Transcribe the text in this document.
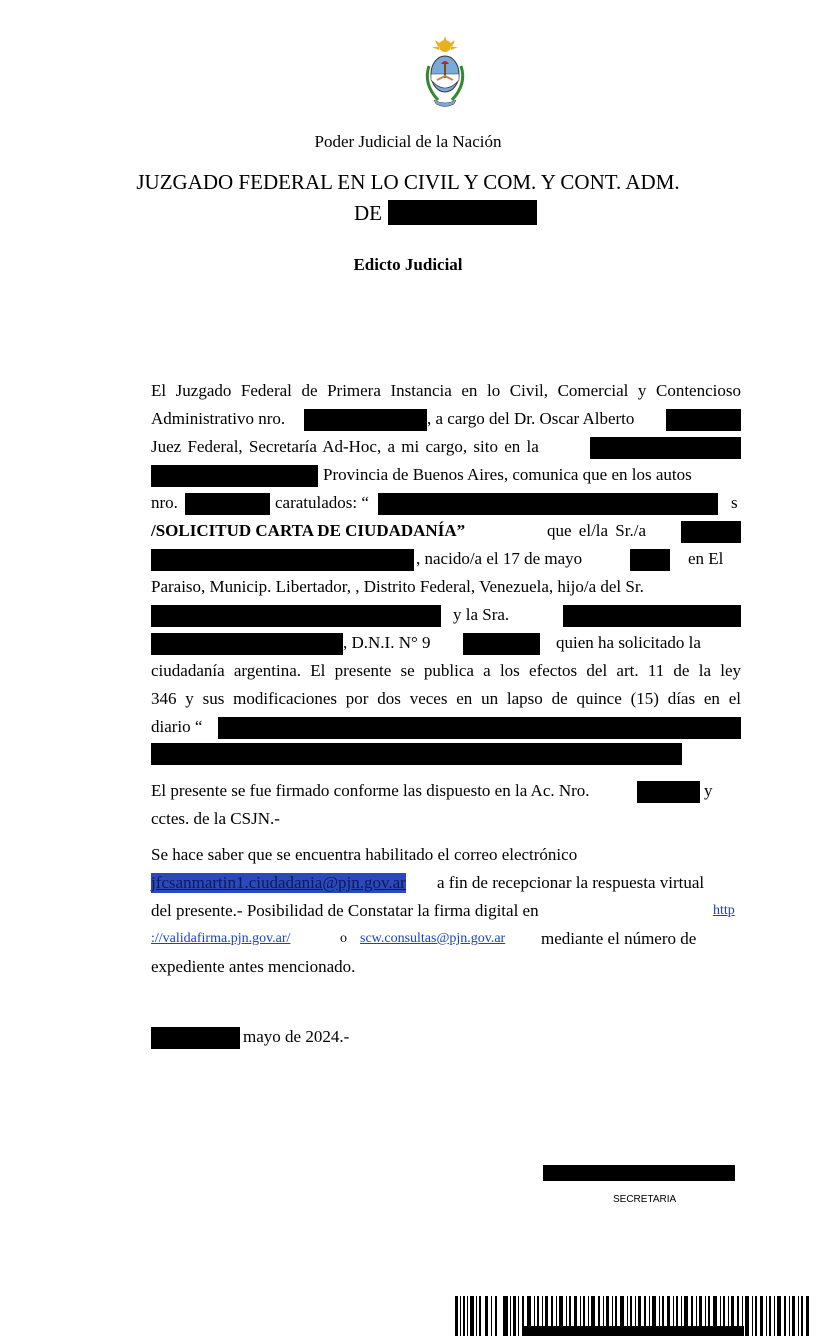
Poder Judicial de la Nación
JUZGADO FEDERAL EN LO CIVIL Y COM. Y CONT. ADM.
DE
Edicto Judicial
El Juzgado Federal de Primera Instancia en lo Civil, Comercial y Contencioso
Administrativo nro.	, a cargo del Dr. Oscar Alberto
Juez Federal, Secretaría Ad-Hoc, a mi cargo, sito en la
Provincia de Buenos Aires, comunica que en los autos
nro.	caratulados: “	s
/SOLICITUD CARTA DE CIUDADANÍA”	que el/la Sr./a
, nacido/a el 17 de mayo	en El
Paraiso, Municip. Libertador, , Distrito Federal, Venezuela, hijo/a del Sr.
y la Sra.
, D.N.I. N° 9	quien ha solicitado la
ciudadanía argentina. El presente se publica a los efectos del art. 11 de la ley
346 y sus modificaciones por dos veces en un lapso de quince (15) días en el
diario “
El presente se fue firmado conforme las dispuesto en la Ac. Nro.	y
cctes. de la CSJN.-
Se hace saber que se encuentra habilitado el correo electrónico
jfcsanmartin1.ciudadania@pjn.gov.ar a fin de recepcionar la respuesta virtual
del presente.- Posibilidad de Constatar la firma digital en	http
://validafirma.pjn.gov.ar/	o scw.consultas@pjn.gov.ar mediante el número de
expediente antes mencionado.
mayo de 2024.-
SECRETARIA
